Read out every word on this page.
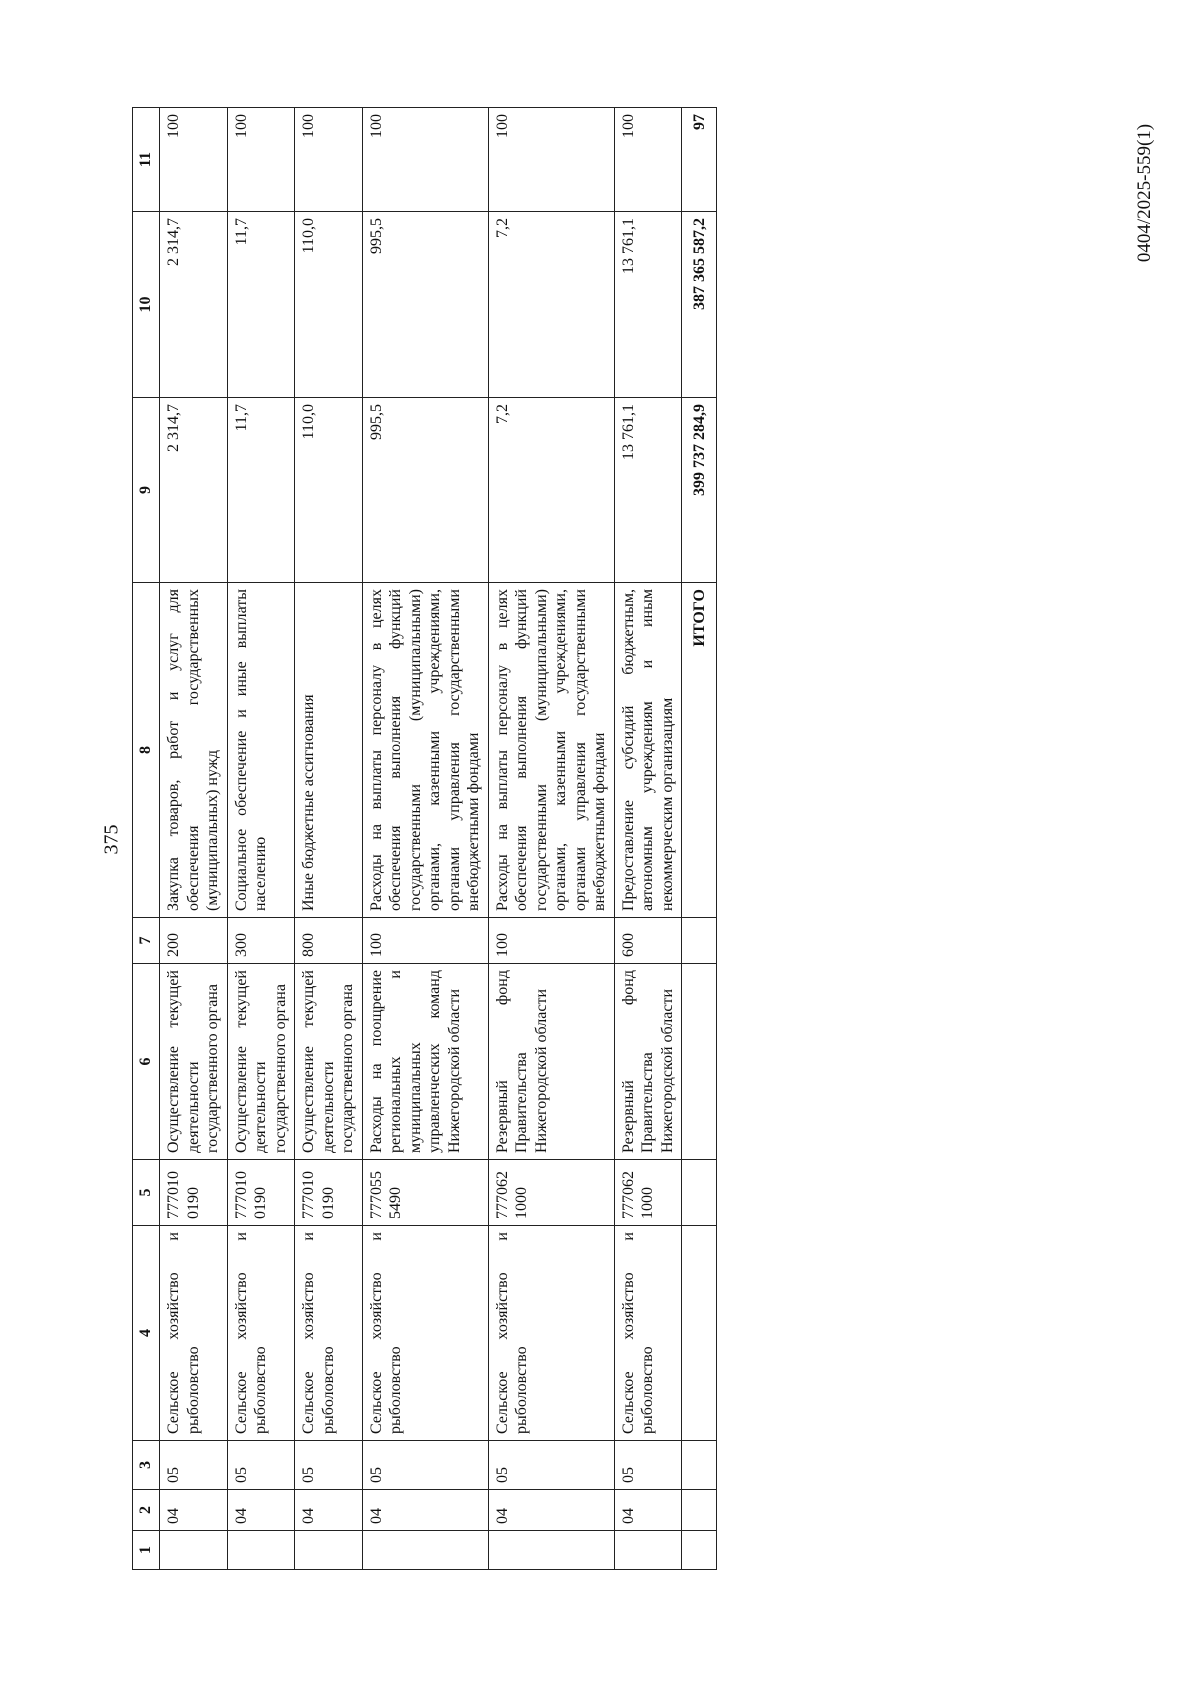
375
1	2	3	4	5	6	7	8	9	10	11
	04	05	Сельское хозяйство и рыболовство	777010 0190	Осуществление текущей деятельности государственного органа	200	Закупка товаров, работ и услуг для обеспечения государственных (муниципальных) нужд	2 314,7	2 314,7	100
	04	05	Сельское хозяйство и рыболовство	777010 0190	Осуществление текущей деятельности государственного органа	300	Социальное обеспечение и иные выплаты населению	11,7	11,7	100
	04	05	Сельское хозяйство и рыболовство	777010 0190	Осуществление текущей деятельности государственного органа	800	Иные бюджетные ассигнования	110,0	110,0	100
	04	05	Сельское хозяйство и рыболовство	777055 5490	Расходы на поощрение региональных и муниципальных управленческих команд Нижегородской области	100	Расходы на выплаты персоналу в целях обеспечения выполнения функций государственными (муниципальными) органами, казенными учреждениями, органами управления государственными внебюджетными фондами	995,5	995,5	100
	04	05	Сельское хозяйство и рыболовство	777062 1000	Резервный фонд Правительства Нижегородской области	100	Расходы на выплаты персоналу в целях обеспечения выполнения функций государственными (муниципальными) органами, казенными учреждениями, органами управления государственными внебюджетными фондами	7,2	7,2	100
	04	05	Сельское хозяйство и рыболовство	777062 1000	Резервный фонд Правительства Нижегородской области	600	Предоставление субсидий бюджетным, автономным учреждениям и иным некоммерческим организациям	13 761,1	13 761,1	100
							ИТОГО	399 737 284,9	387 365 587,2	97
0404/2025-559(1)
